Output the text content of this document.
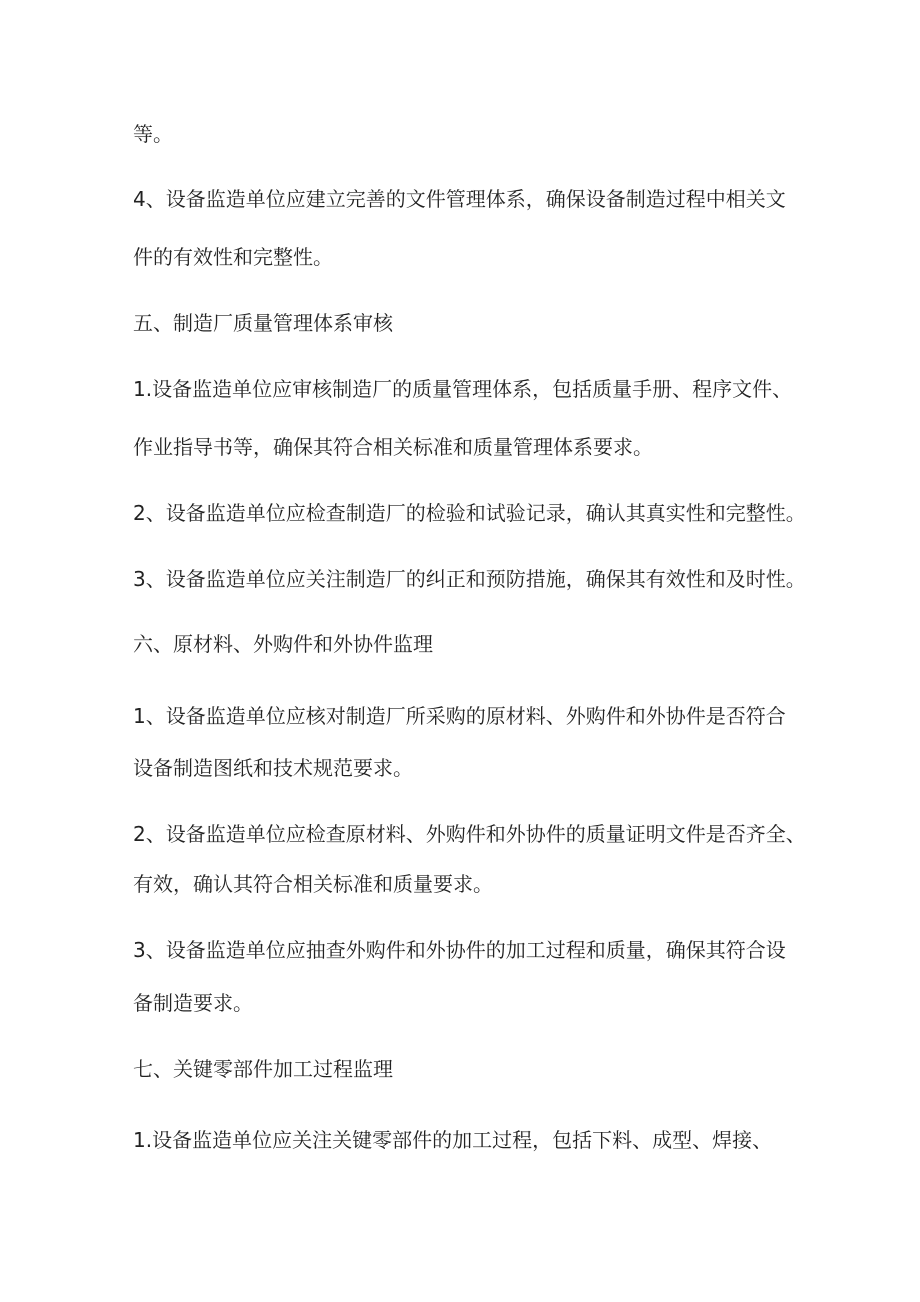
等。

4、设备监造单位应建立完善的文件管理体系，确保设备制造过程中相关文

件的有效性和完整性。

五、制造厂质量管理体系审核

1.设备监造单位应审核制造厂的质量管理体系，包括质量手册、程序文件、

作业指导书等，确保其符合相关标准和质量管理体系要求。

2、设备监造单位应检查制造厂的检验和试验记录，确认其真实性和完整性。

3、设备监造单位应关注制造厂的纠正和预防措施，确保其有效性和及时性。

六、原材料、外购件和外协件监理

1、设备监造单位应核对制造厂所采购的原材料、外购件和外协件是否符合

设备制造图纸和技术规范要求。

2、设备监造单位应检查原材料、外购件和外协件的质量证明文件是否齐全、

有效，确认其符合相关标准和质量要求。

3、设备监造单位应抽查外购件和外协件的加工过程和质量，确保其符合设

备制造要求。

七、关键零部件加工过程监理

1.设备监造单位应关注关键零部件的加工过程，包括下料、成型、焊接、
